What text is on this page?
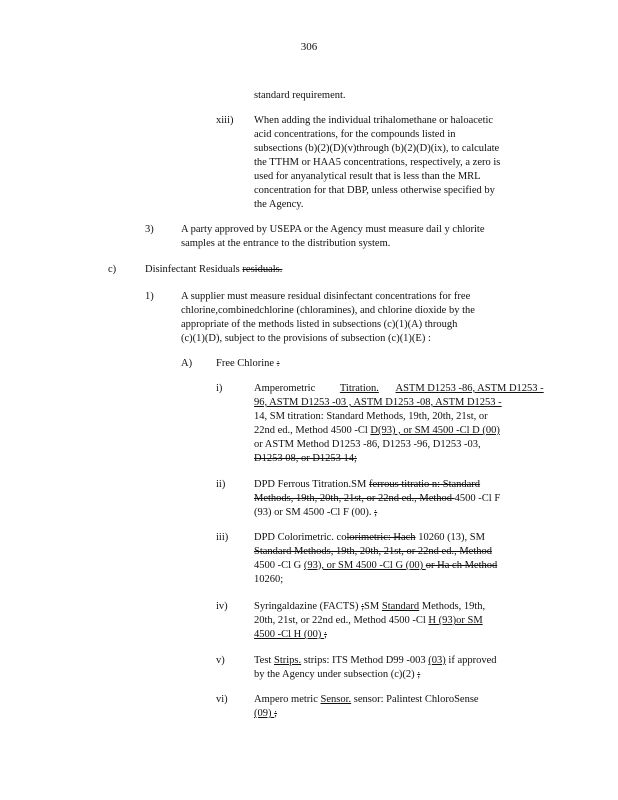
306
standard requirement.
xiii) When adding the individual trihalomethane or haloacetic
acid concentrations, for the compounds listed in
subsections (b)(2)(D)(v)through (b)(2)(D)(ix), to calculate
the TTHM or HAA5 concentrations, respectively, a zero is
used for anyanalytical result that is less than the MRL
concentration for that DBP, unless otherwise specified by
the Agency.
3)	A party approved by USEPA or the Agency must measure dail y chlorite
samples at the entrance to the distribution system.
c)	Disinfectant Residuals residuals.
1)	A supplier must measure residual disinfectant concentrations for free
chlorine,combinedchlorine (chloramines), and chlorine dioxide by the
appropriate of the methods listed in subsections (c)(1)(A) through
(c)(1)(D), subject to the provisions of subsection (c)(1)(E) :
A) Free Chlorine :
i)	Amperometric Titration. ASTM D1253 -86, ASTM D1253 -
96, ASTM D1253 -03 , ASTM D1253 -08, ASTM D1253 -
14, SM titration: Standard Methods, 19th, 20th, 21st, or
22nd ed., Method 4500 -Cl D(93) , or SM 4500 -Cl D (00)
or ASTM Method D1253 -86, D1253 -96, D1253 -03,
D1253 08, or D1253 14;
ii)	DPD Ferrous Titration.SM ferrous titratio n: Standard
Methods, 19th, 20th, 21st, or 22nd ed., Method 4500 -Cl F
(93) or SM 4500 -Cl F (00). ;
iii) DPD Colorimetric. colorimetric: Hach 10260 (13), SM
Standard Methods, 19th, 20th, 21st, or 22nd ed., Method
4500 -Cl G (93), or SM 4500 -Cl G (00) or Ha ch Method
10260;
iv)	Syringaldazine (FACTS) ;SM Standard Methods, 19th,
20th, 21st, or 22nd ed., Method 4500 -Cl H (93)or SM
4500 -Cl H (00) ;
v)	Test Strips. strips: ITS Method D99 -003 (03) if approved
by the Agency under subsection (c)(2) ;
vi)	Ampero metric Sensor. sensor: Palintest ChloroSense
(09) ;
